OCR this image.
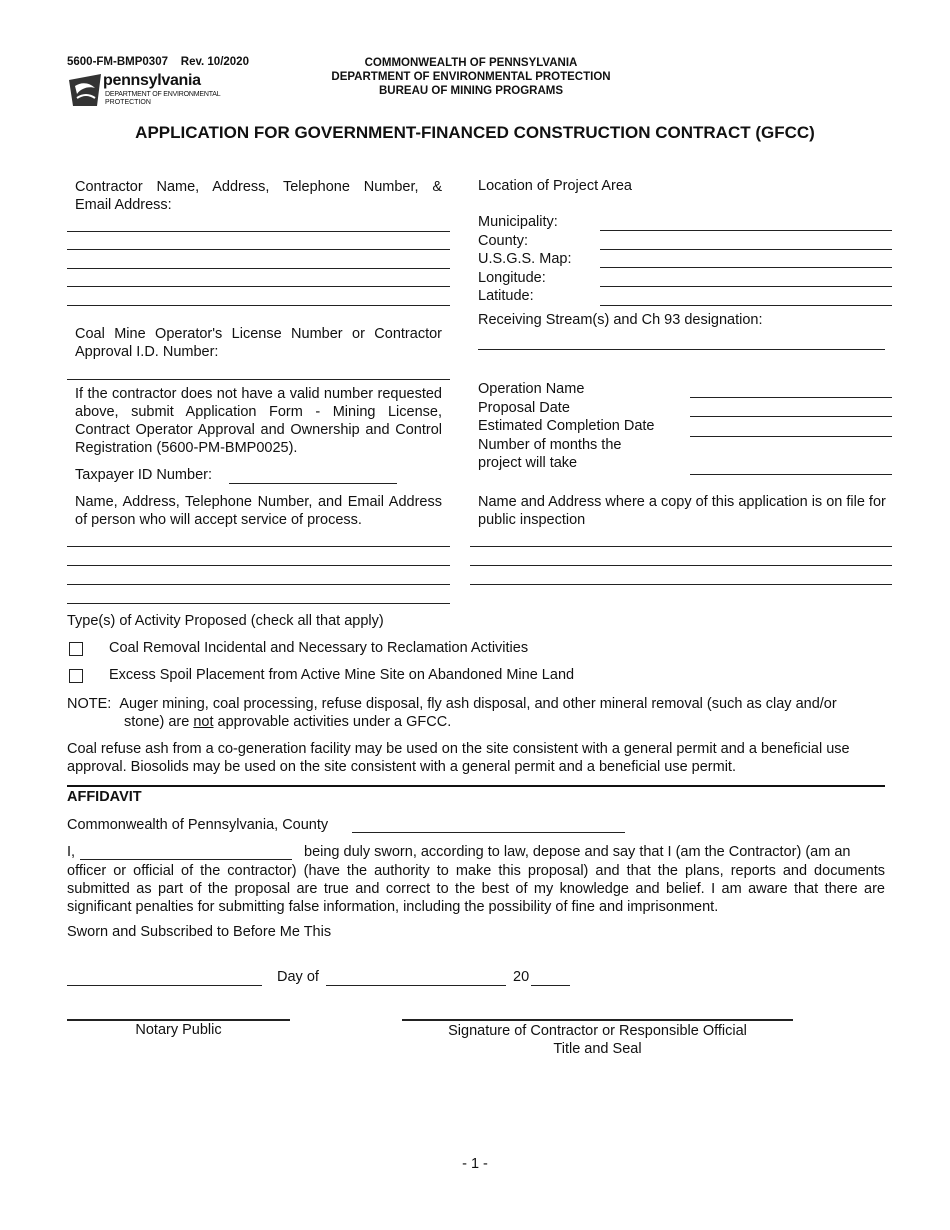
5600-FM-BMP0307 Rev. 10/2020
pennsylvania
DEPARTMENT OF ENVIRONMENTAL
PROTECTION
COMMONWEALTH OF PENNSYLVANIA
DEPARTMENT OF ENVIRONMENTAL PROTECTION
BUREAU OF MINING PROGRAMS
APPLICATION FOR GOVERNMENT-FINANCED CONSTRUCTION CONTRACT (GFCC)
Contractor Name, Address, Telephone Number, &
Email Address:
Coal Mine Operator's License Number or Contractor
Approval I.D. Number:
If the contractor does not have a valid number requested above, submit Application Form - Mining License, Contract Operator Approval and Ownership and Control Registration (5600-PM-BMP0025).
Taxpayer ID Number:
Name, Address, Telephone Number, and Email Address of person who will accept service of process.
Location of Project Area
Municipality:
County:
U.S.G.S. Map:
Longitude:
Latitude:
Receiving Stream(s) and Ch 93 designation:
Operation Name
Proposal Date
Estimated Completion Date
Number of months the
project will take
Name and Address where a copy of this application is on file for public inspection
Type(s) of Activity Proposed (check all that apply)
Coal Removal Incidental and Necessary to Reclamation Activities
Excess Spoil Placement from Active Mine Site on Abandoned Mine Land
NOTE: Auger mining, coal processing, refuse disposal, fly ash disposal, and other mineral removal (such as clay and/or
stone) are not approvable activities under a GFCC.
Coal refuse ash from a co-generation facility may be used on the site consistent with a general permit and a beneficial use approval. Biosolids may be used on the site consistent with a general permit and a beneficial use permit.
AFFIDAVIT
Commonwealth of Pennsylvania, County
I,	being duly sworn, according to law, depose and say that I (am the Contractor) (am an
officer or official of the contractor) (have the authority to make this proposal) and that the plans, reports and documents submitted as part of the proposal are true and correct to the best of my knowledge and belief. I am aware that there are significant penalties for submitting false information, including the possibility of fine and imprisonment.
Sworn and Subscribed to Before Me This
Day of	20
Notary Public	Signature of Contractor or Responsible Official
Title and Seal
- 1 -
